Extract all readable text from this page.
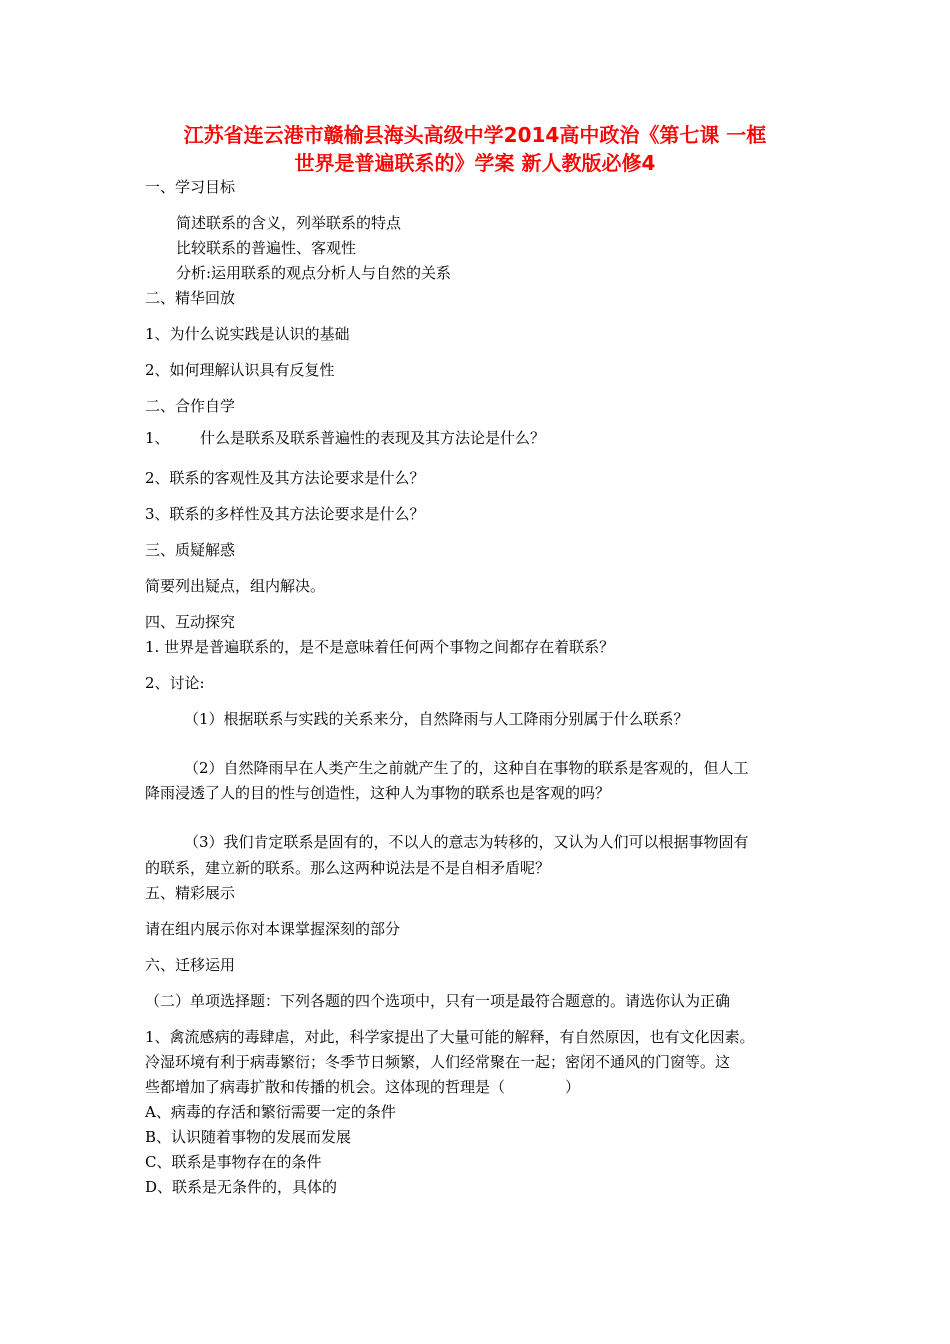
江苏省连云港市赣榆县海头高级中学2014高中政治《第七课 一框
世界是普遍联系的》学案 新人教版必修4
一、学习目标
简述联系的含义，列举联系的特点
比较联系的普遍性、客观性
分析:运用联系的观点分析人与自然的关系
二、精华回放
1、为什么说实践是认识的基础
2、如何理解认识具有反复性
二、合作自学
1、 什么是联系及联系普遍性的表现及其方法论是什么？
2、联系的客观性及其方法论要求是什么？
3、联系的多样性及其方法论要求是什么？
三、质疑解惑
简要列出疑点，组内解决。
四、互动探究
1. 世界是普遍联系的，是不是意味着任何两个事物之间都存在着联系？
2、讨论:
（1）根据联系与实践的关系来分，自然降雨与人工降雨分别属于什么联系？
（2）自然降雨早在人类产生之前就产生了的，这种自在事物的联系是客观的，但人工
降雨浸透了人的目的性与创造性，这种人为事物的联系也是客观的吗？
（3）我们肯定联系是固有的，不以人的意志为转移的，又认为人们可以根据事物固有
的联系，建立新的联系。那么这两种说法是不是自相矛盾呢？
五、精彩展示
请在组内展示你对本课掌握深刻的部分
六、迁移运用
（二）单项选择题：下列各题的四个选项中，只有一项是最符合题意的。请选你认为正确
1、禽流感病的毒肆虐，对此，科学家提出了大量可能的解释，有自然原因，也有文化因素。
冷湿环境有利于病毒繁衍；冬季节日频繁，人们经常聚在一起；密闭不通风的门窗等。这
些都增加了病毒扩散和传播的机会。这体现的哲理是（　　　　）
A、病毒的存活和繁衍需要一定的条件
B、认识随着事物的发展而发展
C、联系是事物存在的条件
D、联系是无条件的，具体的
